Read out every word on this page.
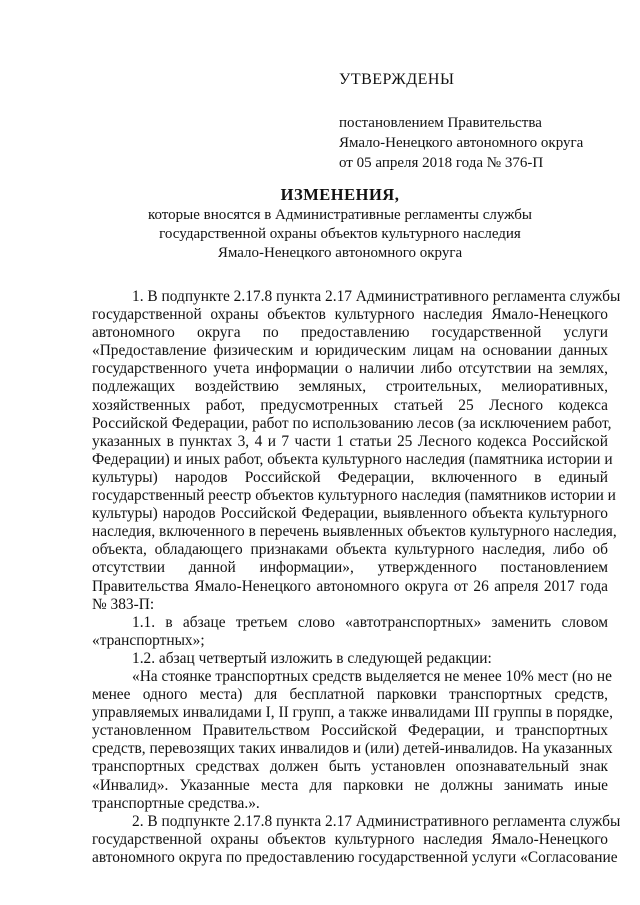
УТВЕРЖДЕНЫ
постановлением Правительства
Ямало-Ненецкого автономного округа
от 05 апреля 2018 года № 376-П
ИЗМЕНЕНИЯ,
которые вносятся в Административные регламенты службы
государственной охраны объектов культурного наследия
Ямало-Ненецкого автономного округа
1. В подпункте 2.17.8 пункта 2.17 Административного регламента службы
государственной охраны объектов культурного наследия Ямало-Ненецкого
автономного округа по предоставлению государственной услуги
«Предоставление физическим и юридическим лицам на основании данных
государственного учета информации о наличии либо отсутствии на землях,
подлежащих воздействию земляных, строительных, мелиоративных,
хозяйственных работ, предусмотренных статьей 25 Лесного кодекса
Российской Федерации, работ по использованию лесов (за исключением работ,
указанных в пунктах 3, 4 и 7 части 1 статьи 25 Лесного кодекса Российской
Федерации) и иных работ, объекта культурного наследия (памятника истории и
культуры) народов Российской Федерации, включенного в единый
государственный реестр объектов культурного наследия (памятников истории и
культуры) народов Российской Федерации, выявленного объекта культурного
наследия, включенного в перечень выявленных объектов культурного наследия,
объекта, обладающего признаками объекта культурного наследия, либо об
отсутствии данной информации», утвержденного постановлением
Правительства Ямало-Ненецкого автономного округа от 26 апреля 2017 года
№ 383-П:
1.1. в абзаце третьем слово «автотранспортных» заменить словом
«транспортных»;
1.2. абзац четвертый изложить в следующей редакции:
«На стоянке транспортных средств выделяется не менее 10% мест (но не
менее одного места) для бесплатной парковки транспортных средств,
управляемых инвалидами I, II групп, а также инвалидами III группы в порядке,
установленном Правительством Российской Федерации, и транспортных
средств, перевозящих таких инвалидов и (или) детей-инвалидов. На указанных
транспортных средствах должен быть установлен опознавательный знак
«Инвалид». Указанные места для парковки не должны занимать иные
транспортные средства.».
2. В подпункте 2.17.8 пункта 2.17 Административного регламента службы
государственной охраны объектов культурного наследия Ямало-Ненецкого
автономного округа по предоставлению государственной услуги «Согласование
